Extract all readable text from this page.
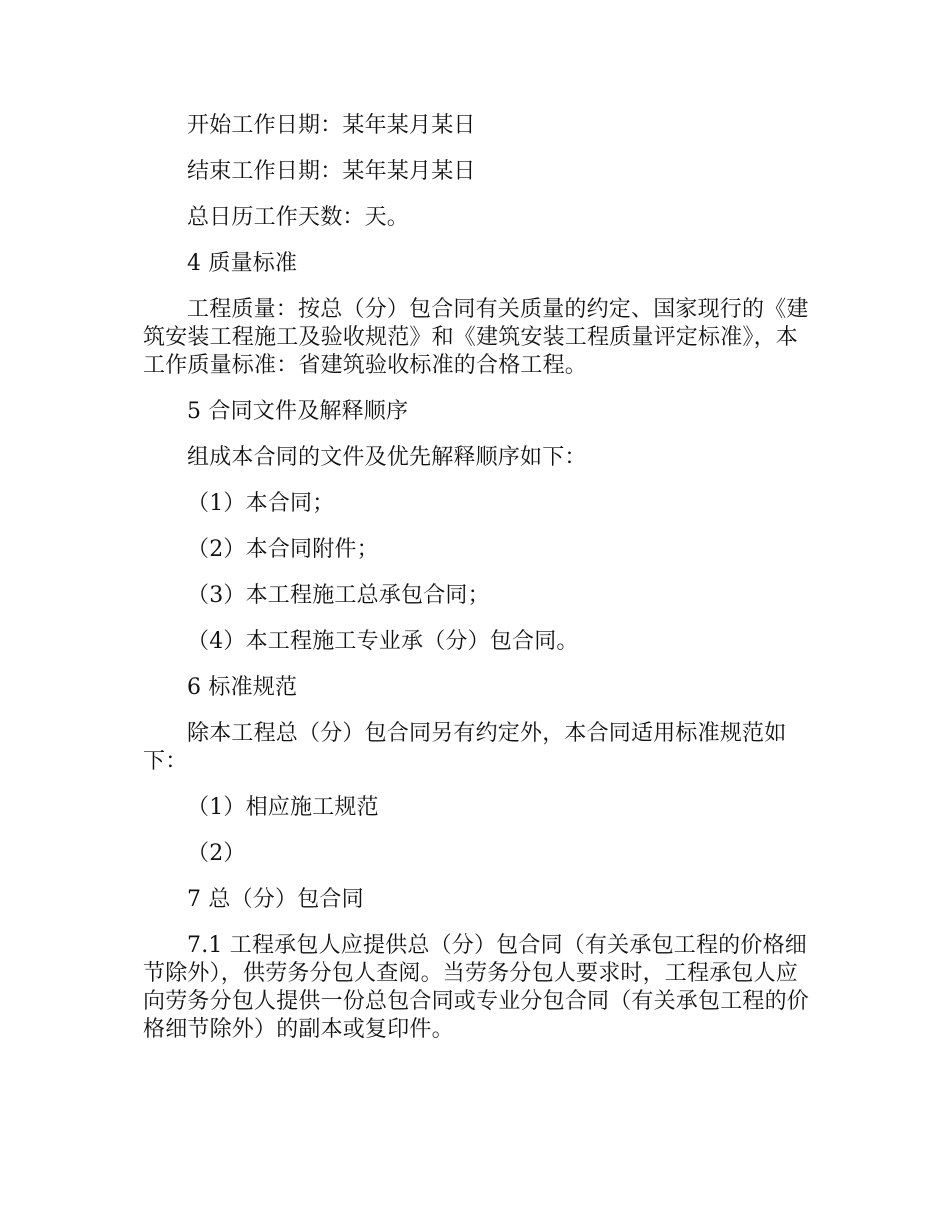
开始工作日期：某年某月某日

结束工作日期：某年某月某日

总日历工作天数：天。

4 质量标准

工程质量：按总（分）包合同有关质量的约定、国家现行的《建筑安装工程施工及验收规范》和《建筑安装工程质量评定标准》，本工作质量标准：省建筑验收标准的合格工程。

5 合同文件及解释顺序

组成本合同的文件及优先解释顺序如下：

（1）本合同；

（2）本合同附件；

（3）本工程施工总承包合同；

（4）本工程施工专业承（分）包合同。

6 标准规范

除本工程总（分）包合同另有约定外，本合同适用标准规范如下：

（1）相应施工规范

（2）

7 总（分）包合同

7.1 工程承包人应提供总（分）包合同（有关承包工程的价格细节除外），供劳务分包人查阅。当劳务分包人要求时，工程承包人应向劳务分包人提供一份总包合同或专业分包合同（有关承包工程的价格细节除外）的副本或复印件。
